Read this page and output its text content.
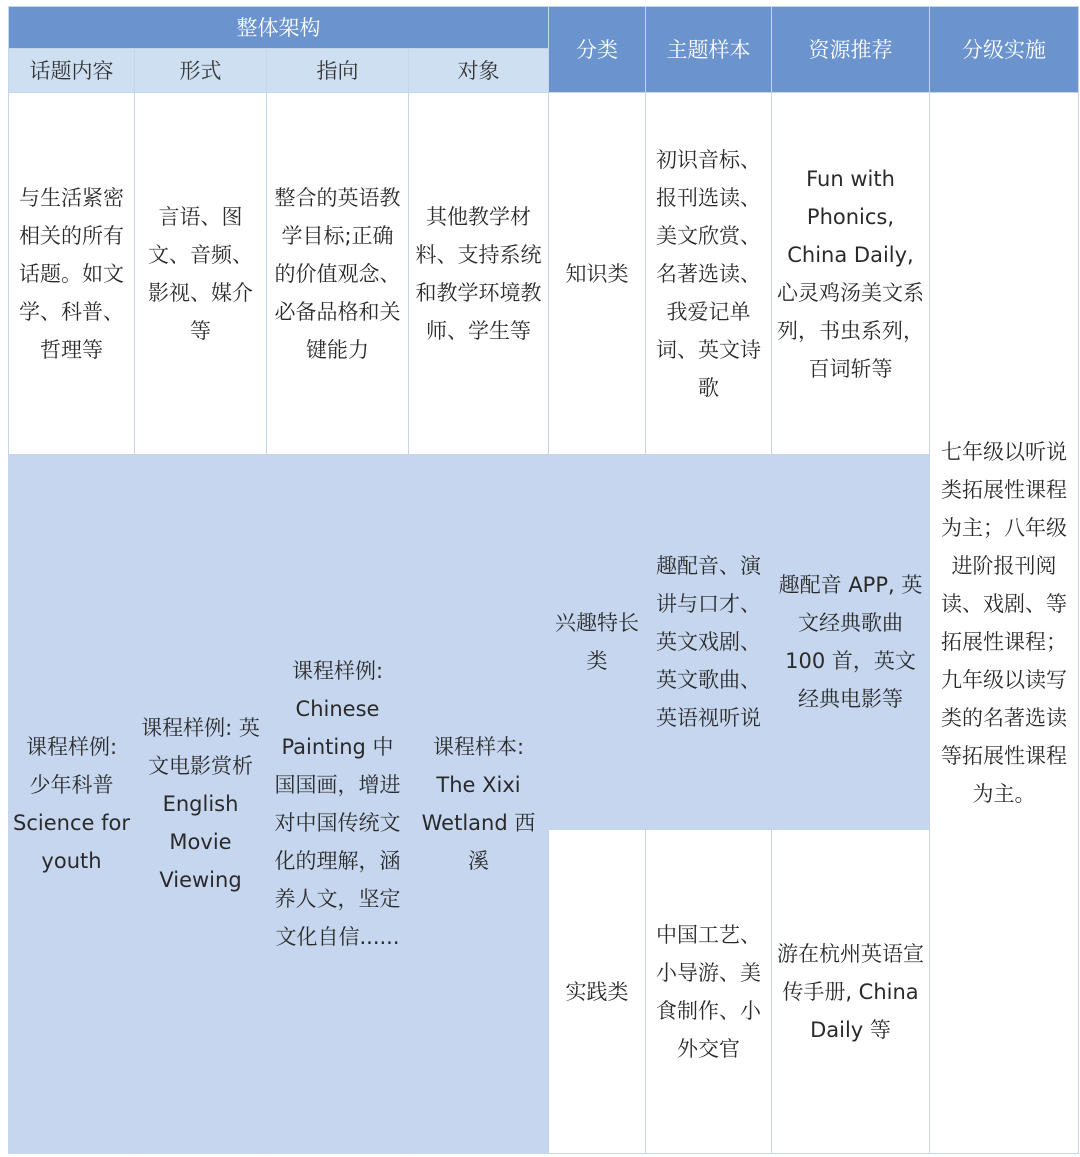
整体架构				分类	主题样本	资源推荐	分级实施
话题内容	形式	指向	对象				
与生活紧密相关的所有话题。如文学、科普、哲理等	言语、图文、音频、影视、媒介等	整合的英语教学目标;正确的价值观念、必备品格和关键能力	其他教学材料、支持系统和教学环境教师、学生等	知识类	初识音标、报刊选读、美文欣赏、名著选读、我爱记单词、英文诗歌	Fun with Phonics, China Daily, 心灵鸡汤美文系列，书虫系列，百词斩等	七年级以听说类拓展性课程为主；八年级进阶报刊阅读、戏剧、等拓展性课程；九年级以读写类的名著选读等拓展性课程为主。
课程样例: 少年科普 Science for youth	课程样例: 英文电影赏析 English Movie Viewing	课程样例: Chinese Painting 中国国画，增进对中国传统文化的理解，涵养人文，坚定文化自信......	课程样本: The Xixi Wetland 西溪	兴趣特长类	趣配音、演讲与口才、英文戏剧、英文歌曲、英语视听说	趣配音 APP, 英文经典歌曲 100 首，英文经典电影等	
				实践类	中国工艺、小导游、美食制作、小外交官	游在杭州英语宣传手册, China Daily 等	
